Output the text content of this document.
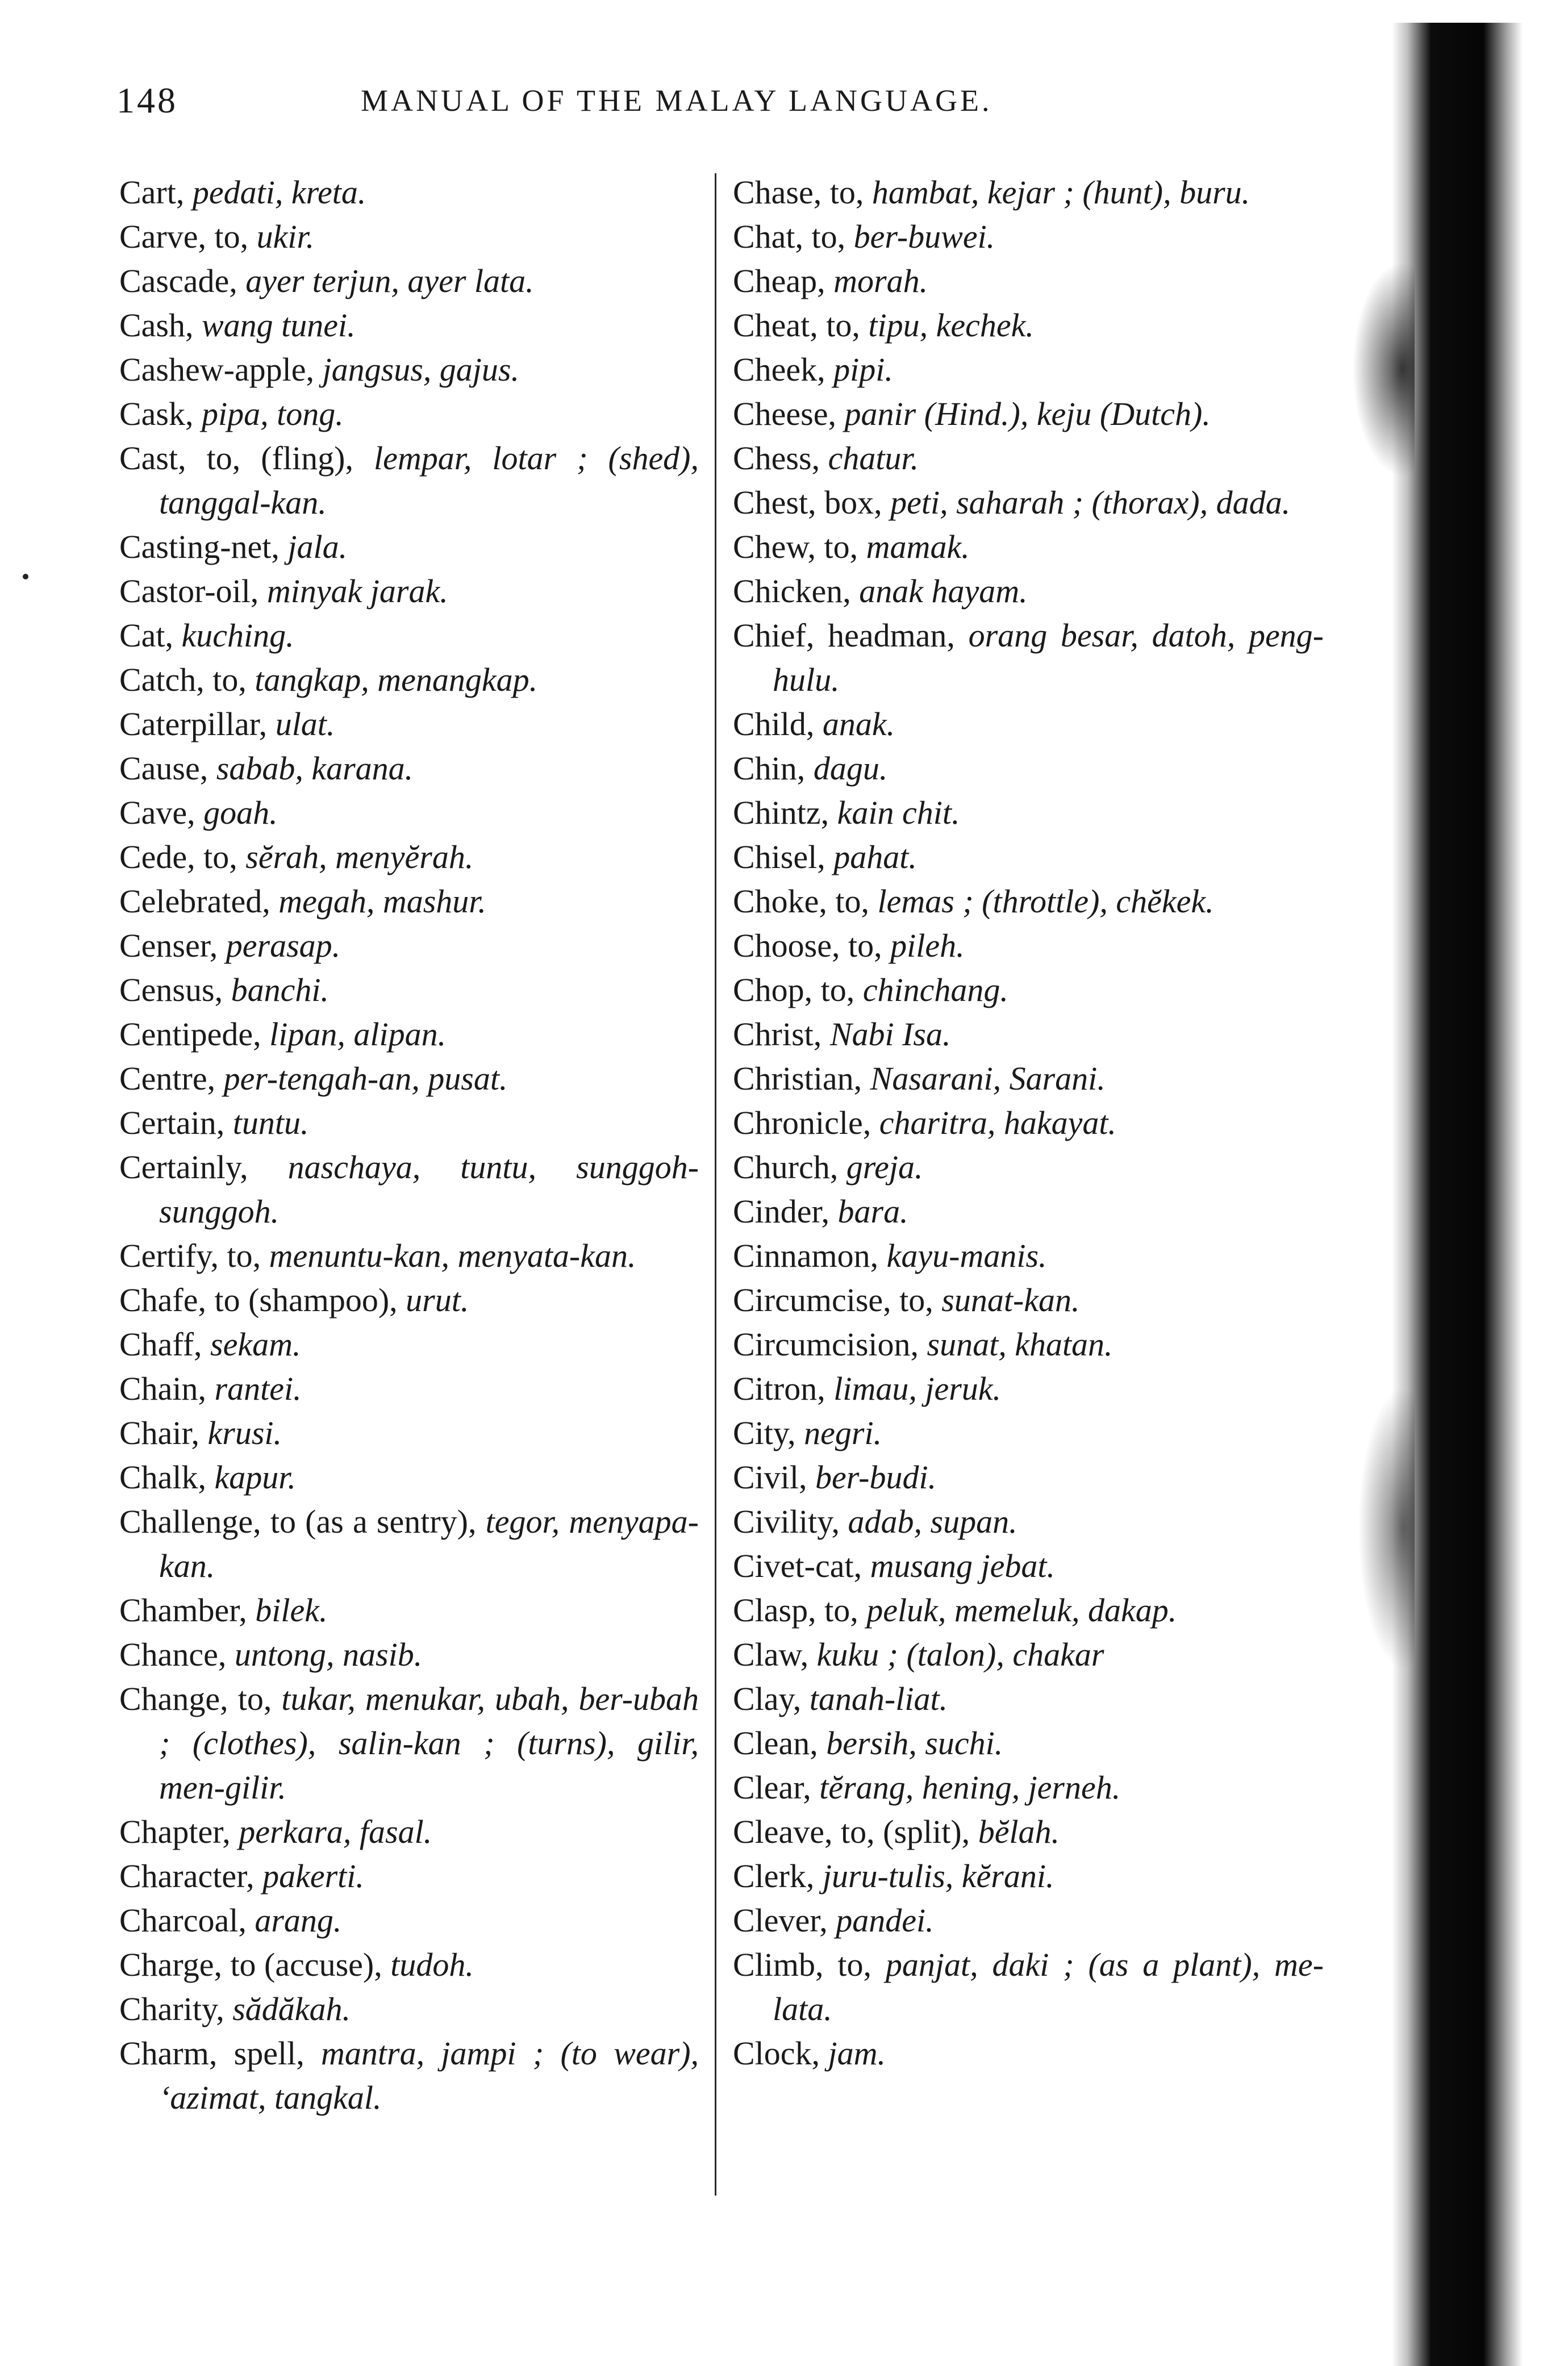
148	MANUAL OF THE MALAY LANGUAGE.
Cart, pedati, kreta.
Carve, to, ukir.
Cascade, ayer terjun, ayer lata.
Cash, wang tunei.
Cashew-apple, jangsus, gajus.
Cask, pipa, tong.
Cast, to, (fling), lempar, lotar ; (shed), tanggal-kan.
Casting-net, jala.
Castor-oil, minyak jarak.
Cat, kuching.
Catch, to, tangkap, menangkap.
Caterpillar, ulat.
Cause, sabab, karana.
Cave, goah.
Cede, to, sĕrah, menyĕrah.
Celebrated, megah, mashur.
Censer, perasap.
Census, banchi.
Centipede, lipan, alipan.
Centre, per-tengah-an, pusat.
Certain, tuntu.
Certainly, naschaya, tuntu, sunggoh-sunggoh.
Certify, to, menuntu-kan, menyata-kan.
Chafe, to (shampoo), urut.
Chaff, sekam.
Chain, rantei.
Chair, krusi.
Chalk, kapur.
Challenge, to (as a sentry), tegor, menyapa-kan.
Chamber, bilek.
Chance, untong, nasib.
Change, to, tukar, menukar, ubah, ber-ubah ; (clothes), salin-kan ; (turns), gilir, men-gilir.
Chapter, perkara, fasal.
Character, pakerti.
Charcoal, arang.
Charge, to (accuse), tudoh.
Charity, sădăkah.
Charm, spell, mantra, jampi ; (to wear), ‘azimat, tangkal.
Chase, to, hambat, kejar ; (hunt), buru.
Chat, to, ber-buwei.
Cheap, morah.
Cheat, to, tipu, kechek.
Cheek, pipi.
Cheese, panir (Hind.), keju (Dutch).
Chess, chatur.
Chest, box, peti, saharah ; (thorax), dada.
Chew, to, mamak.
Chicken, anak hayam.
Chief, headman, orang besar, datoh, peng-hulu.
Child, anak.
Chin, dagu.
Chintz, kain chit.
Chisel, pahat.
Choke, to, lemas ; (throttle), chĕkek.
Choose, to, pileh.
Chop, to, chinchang.
Christ, Nabi Isa.
Christian, Nasarani, Sarani.
Chronicle, charitra, hakayat.
Church, greja.
Cinder, bara.
Cinnamon, kayu-manis.
Circumcise, to, sunat-kan.
Circumcision, sunat, khatan.
Citron, limau, jeruk.
City, negri.
Civil, ber-budi.
Civility, adab, supan.
Civet-cat, musang jebat.
Clasp, to, peluk, memeluk, dakap.
Claw, kuku ; (talon), chakar
Clay, tanah-liat.
Clean, bersih, suchi.
Clear, tĕrang, hening, jerneh.
Cleave, to, (split), bĕlah.
Clerk, juru-tulis, kĕrani.
Clever, pandei.
Climb, to, panjat, daki ; (as a plant), me-lata.
Clock, jam.
